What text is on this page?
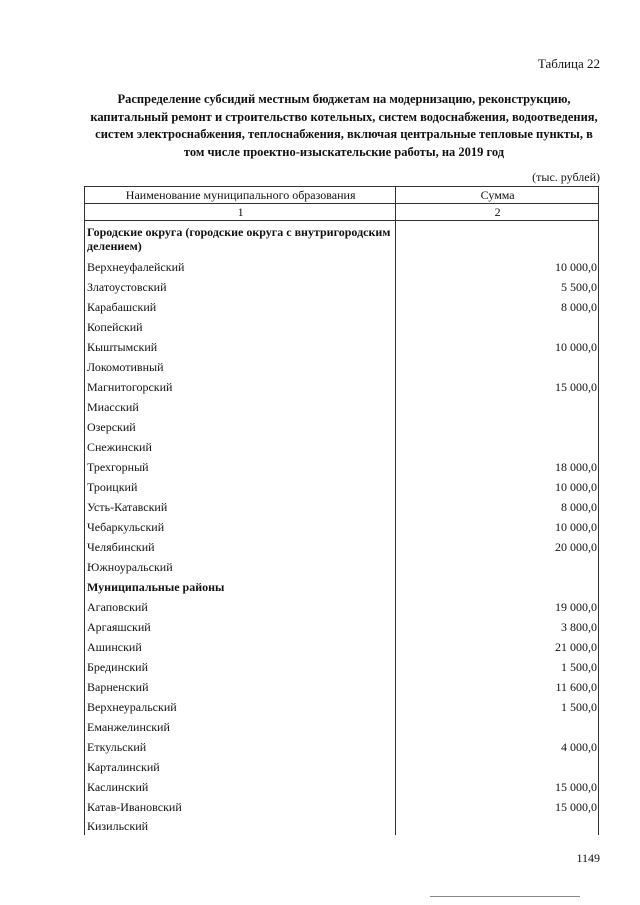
Таблица 22
Распределение субсидий местным бюджетам на модернизацию, реконструкцию, капитальный ремонт и строительство котельных, систем водоснабжения, водоотведения, систем электроснабжения, теплоснабжения, включая центральные тепловые пункты, в том числе проектно-изыскательские работы, на 2019 год
(тыс. рублей)
Наименование муниципального образования	Сумма
1	2
Городские округа (городские округа с внутригородским делением)	
Верхнеуфалейский	10 000,0
Златоустовский	5 500,0
Карабашский	8 000,0
Копейский	
Кыштымский	10 000,0
Локомотивный	
Магнитогорский	15 000,0
Миасский	
Озерский	
Снежинский	
Трехгорный	18 000,0
Троицкий	10 000,0
Усть-Катавский	8 000,0
Чебаркульский	10 000,0
Челябинский	20 000,0
Южноуральский	
Муниципальные районы	
Агаповский	19 000,0
Аргаяшский	3 800,0
Ашинский	21 000,0
Брединский	1 500,0
Варненский	11 600,0
Верхнеуральский	1 500,0
Еманжелинский	
Еткульский	4 000,0
Карталинский	
Каслинский	15 000,0
Катав-Ивановский	15 000,0
Кизильский	
1149
